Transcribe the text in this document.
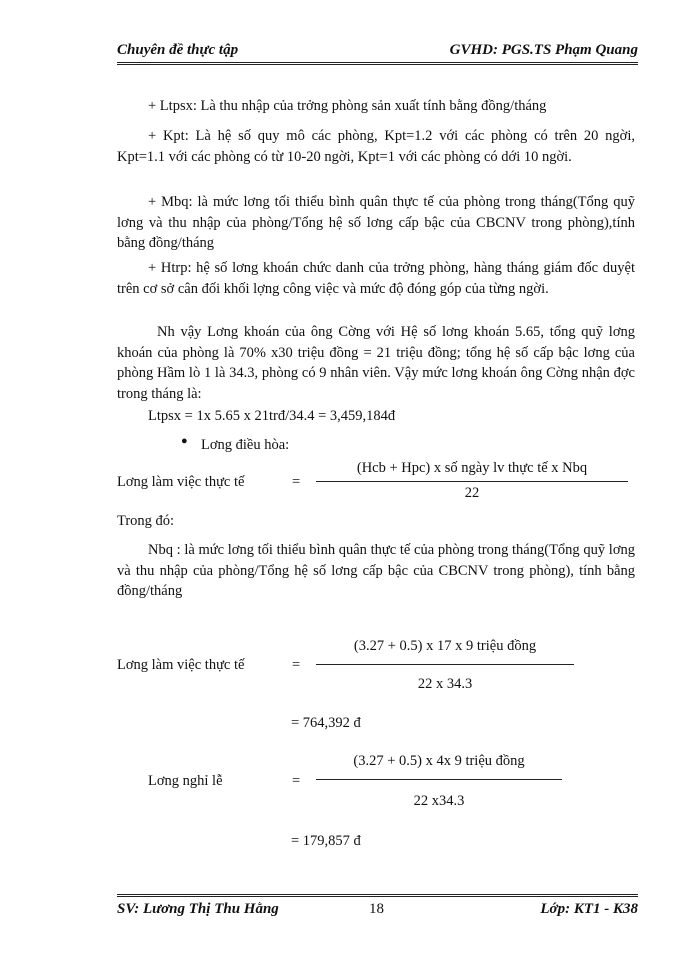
Chuyên đề thực tập	GVHD: PGS.TS Phạm Quang
+ Ltpsx: Là thu nhập của trởng phòng sản xuất tính bằng đồng/tháng
+ Kpt: Là hệ số quy mô các phòng, Kpt=1.2 với các phòng có trên 20 ngời, Kpt=1.1 với các phòng có từ 10-20 ngời, Kpt=1 với các phòng có dới 10 ngời.
+ Mbq: là mức lơng tối thiểu bình quân thực tế của phòng trong tháng(Tổng quỹ lơng và thu nhập của phòng/Tổng hệ số lơng cấp bậc của CBCNV trong phòng),tính bằng đồng/tháng
+ Htrp: hệ số lơng khoán chức danh của trởng phòng, hàng tháng giám đốc duyệt trên cơ sở cân đối khối lợng công việc và mức độ đóng góp của từng ngời.
Nh vậy Lơng khoán của ông Cờng với Hệ số lơng khoán 5.65, tổng quỹ lơng khoán của phòng là 70% x30 triệu đồng = 21 triệu đồng; tổng hệ số cấp bậc lơng của phòng Hầm lò 1 là 34.3, phòng có 9 nhân viên. Vậy mức lơng khoán ông Cờng nhận đợc trong tháng là:
Ltpsx = 1x 5.65 x 21trđ/34.4 = 3,459,184đ
● Lơng điều hòa:
Lơng làm việc thực tế	=
(Hcb + Hpc) x số ngày lv thực tế x Nbq
22
Trong đó:
Nbq : là mức lơng tối thiểu bình quân thực tế của phòng trong tháng(Tổng quỹ lơng và thu nhập của phòng/Tổng hệ số lơng cấp bậc của CBCNV trong phòng), tính bằng đồng/tháng
Lơng làm việc thực tế	=
(3.27 + 0.5) x 17 x 9 triệu đồng
22 x 34.3
= 764,392 đ
Lơng nghỉ lễ	=
(3.27 + 0.5) x 4x 9 triệu đồng
22 x34.3
= 179,857 đ
SV: Lương Thị Thu Hằng	18	Lớp: KT1 - K38
